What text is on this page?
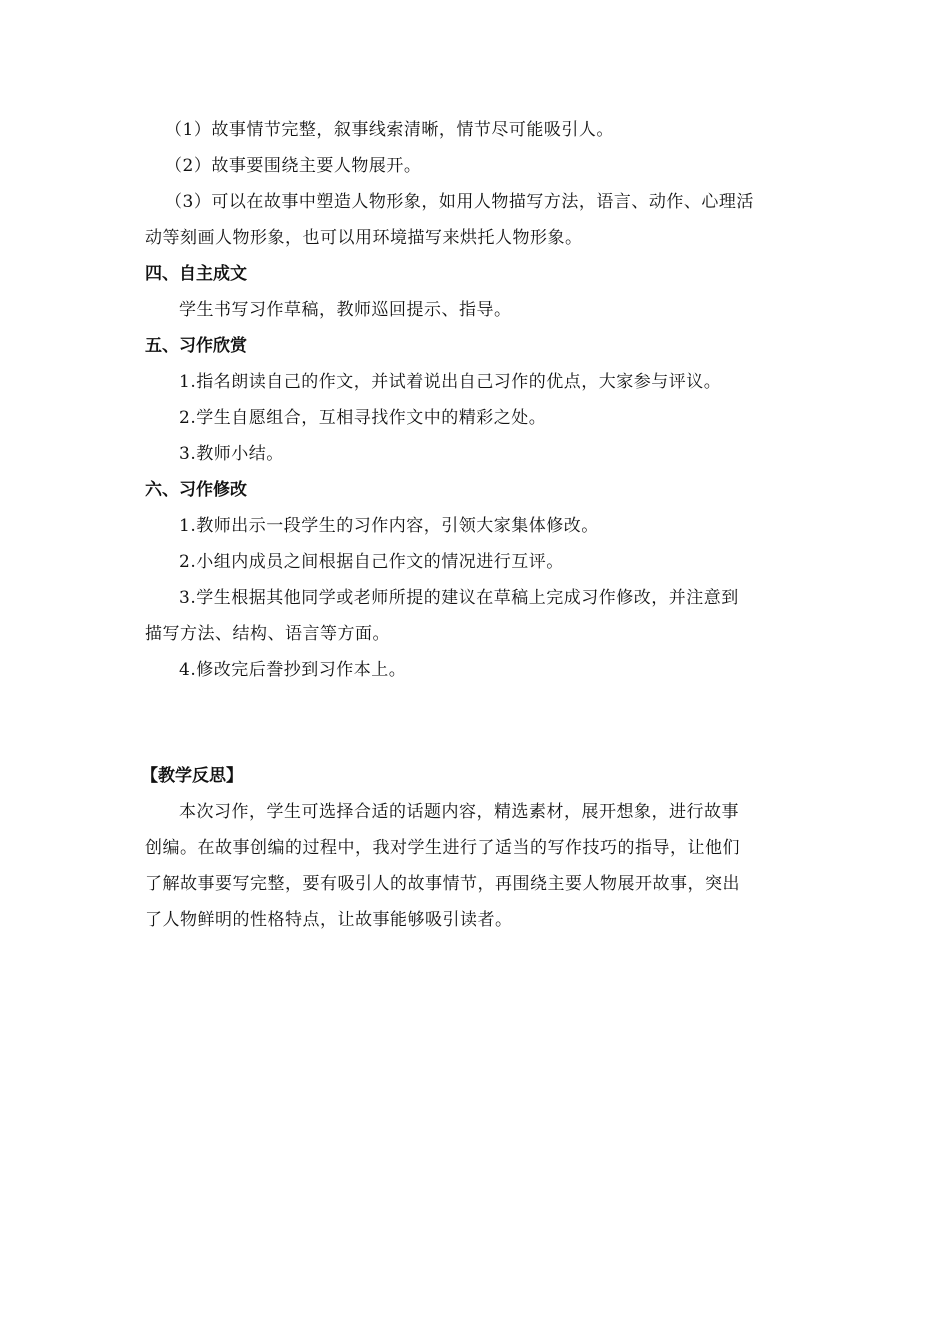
（1）故事情节完整，叙事线索清晰，情节尽可能吸引人。
（2）故事要围绕主要人物展开。
（3）可以在故事中塑造人物形象，如用人物描写方法，语言、动作、心理活
动等刻画人物形象，也可以用环境描写来烘托人物形象。
四、自主成文
学生书写习作草稿，教师巡回提示、指导。
五、习作欣赏
1.指名朗读自己的作文，并试着说出自己习作的优点，大家参与评议。
2.学生自愿组合，互相寻找作文中的精彩之处。
3.教师小结。
六、习作修改
1.教师出示一段学生的习作内容，引领大家集体修改。
2.小组内成员之间根据自己作文的情况进行互评。
3.学生根据其他同学或老师所提的建议在草稿上完成习作修改，并注意到
描写方法、结构、语言等方面。
4.修改完后誊抄到习作本上。
【教学反思】
本次习作，学生可选择合适的话题内容，精选素材，展开想象，进行故事
创编。在故事创编的过程中，我对学生进行了适当的写作技巧的指导，让他们
了解故事要写完整，要有吸引人的故事情节，再围绕主要人物展开故事，突出
了人物鲜明的性格特点，让故事能够吸引读者。
